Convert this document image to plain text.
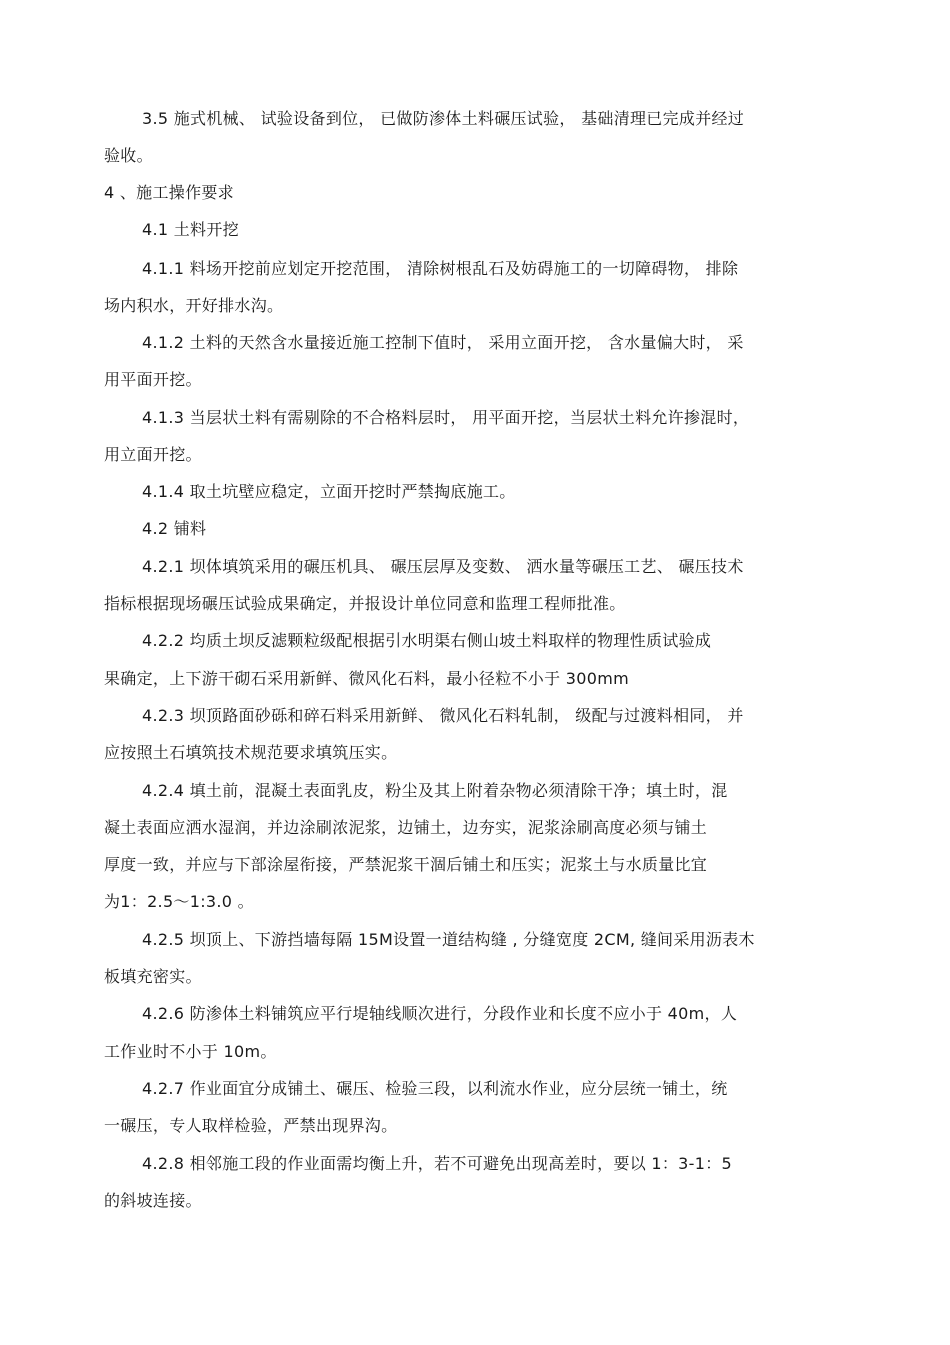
3.5 施式机械、 试验设备到位， 已做防渗体土料碾压试验， 基础清理已完成并经过
验收。
4 、施工操作要求
4.1 土料开挖
4.1.1 料场开挖前应划定开挖范围， 清除树根乱石及妨碍施工的一切障碍物， 排除
场内积水，开好排水沟。
4.1.2 土料的天然含水量接近施工控制下值时， 采用立面开挖， 含水量偏大时， 采
用平面开挖。
4.1.3 当层状土料有需剔除的不合格料层时， 用平面开挖，当层状土料允许掺混时，
用立面开挖。
4.1.4 取土坑壁应稳定，立面开挖时严禁掏底施工。
4.2 铺料
4.2.1 坝体填筑采用的碾压机具、 碾压层厚及变数、 洒水量等碾压工艺、 碾压技术
指标根据现场碾压试验成果确定，并报设计单位同意和监理工程师批准。
4.2.2 均质土坝反滤颗粒级配根据引水明渠右侧山坡土料取样的物理性质试验成
果确定，上下游干砌石采用新鲜、微风化石料，最小径粒不小于 300mm
4.2.3 坝顶路面砂砾和碎石料采用新鲜、 微风化石料轧制， 级配与过渡料相同， 并
应按照土石填筑技术规范要求填筑压实。
4.2.4 填土前，混凝土表面乳皮，粉尘及其上附着杂物必须清除干净；填土时，混
凝土表面应洒水湿润，并边涂刷浓泥浆，边铺土，边夯实，泥浆涂刷高度必须与铺土
厚度一致，并应与下部涂屋衔接，严禁泥浆干涸后铺土和压实；泥浆土与水质量比宜
为1：2.5～1:3.0 。
4.2.5 坝顶上、下游挡墙每隔 15M设置一道结构缝 , 分缝宽度 2CM, 缝间采用沥表木
板填充密实。
4.2.6 防渗体土料铺筑应平行堤轴线顺次进行，分段作业和长度不应小于 40m，人
工作业时不小于 10m。
4.2.7 作业面宜分成铺土、碾压、检验三段，以利流水作业，应分层统一铺土，统
一碾压，专人取样检验，严禁出现界沟。
4.2.8 相邻施工段的作业面需均衡上升，若不可避免出现高差时，要以 1：3-1：5
的斜坡连接。
